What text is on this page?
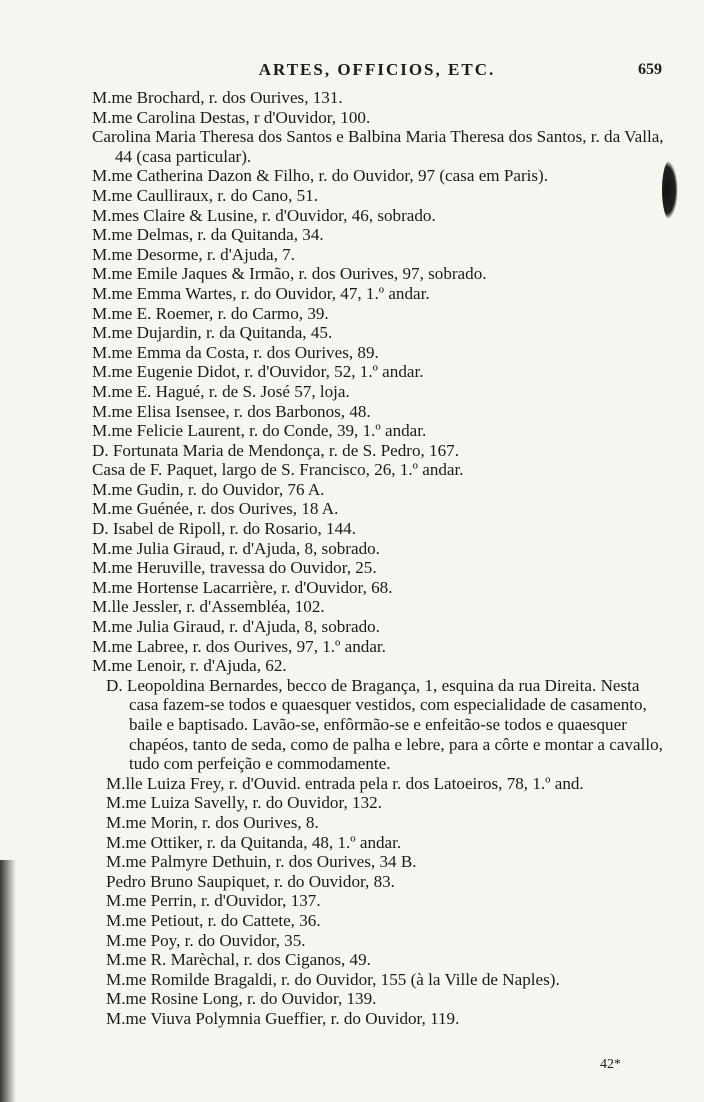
ARTES, OFFICIOS, ETC.	659

M.me Brochard, r. dos Ourives, 131.

M.me Carolina Destas, r d'Ouvidor, 100.

Carolina Maria Theresa dos Santos e Balbina Maria Theresa dos Santos, r. da Valla, 44 (casa particular).

M.me Catherina Dazon & Filho, r. do Ouvidor, 97 (casa em Paris).

M.me Caulliraux, r. do Cano, 51.

M.mes Claire & Lusine, r. d'Ouvidor, 46, sobrado.

M.me Delmas, r. da Quitanda, 34.

M.me Desorme, r. d'Ajuda, 7.

M.me Emile Jaques & Irmão, r. dos Ourives, 97, sobrado.

M.me Emma Wartes, r. do Ouvidor, 47, 1.º andar.

M.me E. Roemer, r. do Carmo, 39.

M.me Dujardin, r. da Quitanda, 45.

M.me Emma da Costa, r. dos Ourives, 89.

M.me Eugenie Didot, r. d'Ouvidor, 52, 1.º andar.

M.me E. Hagué, r. de S. José 57, loja.

M.me Elisa Isensee, r. dos Barbonos, 48.

M.me Felicie Laurent, r. do Conde, 39, 1.º andar.

D. Fortunata Maria de Mendonça, r. de S. Pedro, 167.

Casa de F. Paquet, largo de S. Francisco, 26, 1.º andar.

M.me Gudin, r. do Ouvidor, 76 A.

M.me Guénée, r. dos Ourives, 18 A.

D. Isabel de Ripoll, r. do Rosario, 144.

M.me Julia Giraud, r. d'Ajuda, 8, sobrado.

M.me Heruville, travessa do Ouvidor, 25.

M.me Hortense Lacarrière, r. d'Ouvidor, 68.

M.lle Jessler, r. d'Assembléa, 102.

M.me Julia Giraud, r. d'Ajuda, 8, sobrado.

M.me Labree, r. dos Ourives, 97, 1.º andar.

M.me Lenoir, r. d'Ajuda, 62.

D. Leopoldina Bernardes, becco de Bragança, 1, esquina da rua Direita. Nesta casa fazem-se todos e quaesquer vestidos, com especialidade de casamento, baile e baptisado. Lavão-se, enfôrmão-se e enfeitão-se todos e quaesquer chapéos, tanto de seda, como de palha e lebre, para a côrte e montar a cavallo, tudo com perfeição e commodamente.

M.lle Luiza Frey, r. d'Ouvid. entrada pela r. dos Latoeiros, 78, 1.º and.

M.me Luiza Savelly, r. do Ouvidor, 132.

M.me Morin, r. dos Ourives, 8.

M.me Ottiker, r. da Quitanda, 48, 1.º andar.

M.me Palmyre Dethuin, r. dos Ourives, 34 B.

Pedro Bruno Saupiquet, r. do Ouvidor, 83.

M.me Perrin, r. d'Ouvidor, 137.

M.me Petiout, r. do Cattete, 36.

M.me Poy, r. do Ouvidor, 35.

M.me R. Marèchal, r. dos Ciganos, 49.

M.me Romilde Bragaldi, r. do Ouvidor, 155 (à la Ville de Naples).

M.me Rosine Long, r. do Ouvidor, 139.

M.me Viuva Polymnia Gueffier, r. do Ouvidor, 119.

42*
